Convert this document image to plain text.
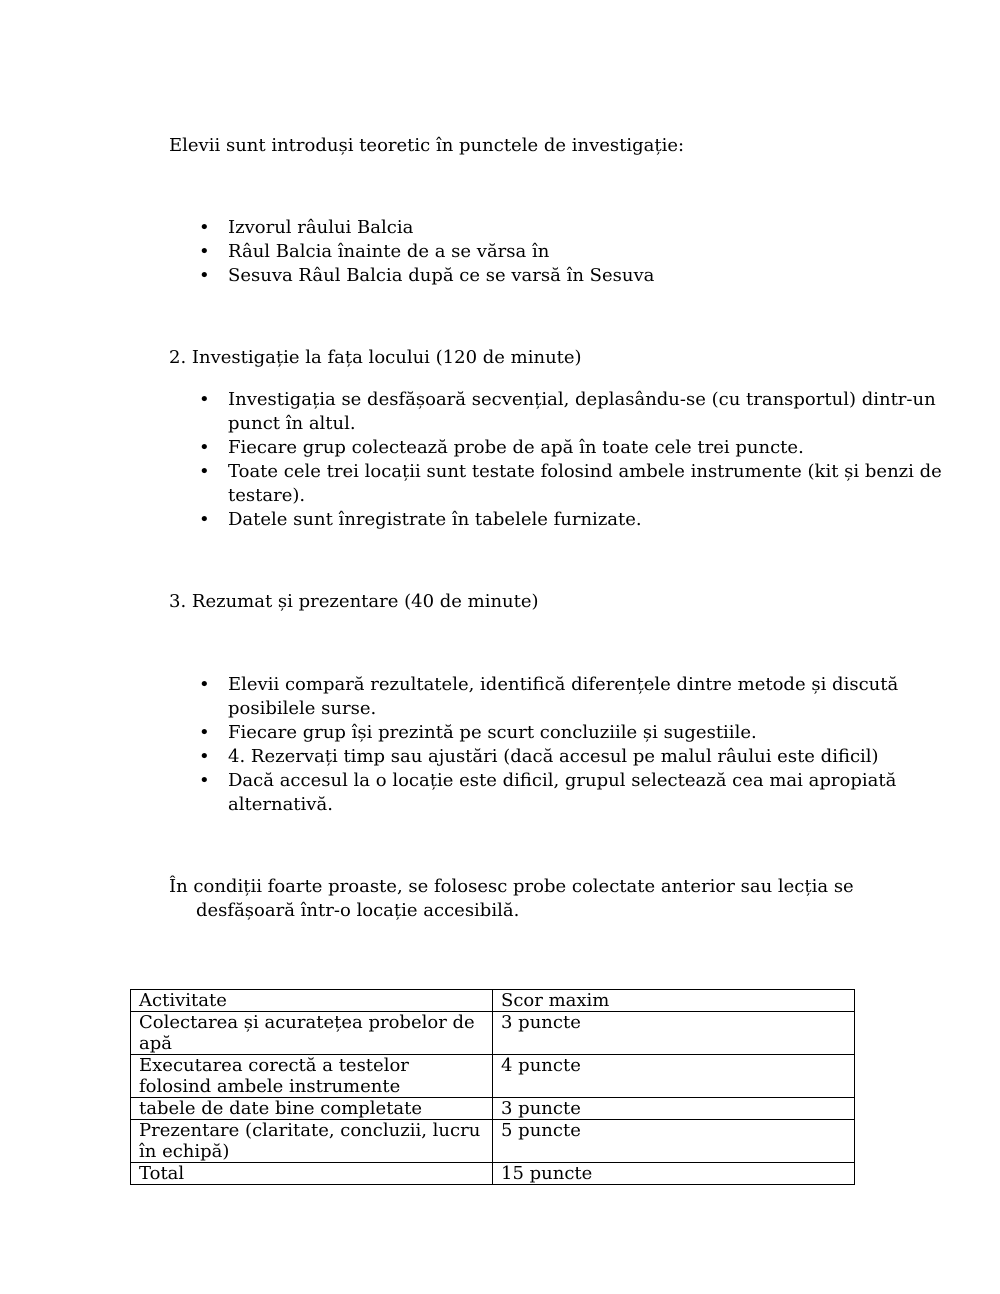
Elevii sunt introduși teoretic în punctele de investigație:

• Izvorul râului Balcia
• Râul Balcia înainte de a se vărsa în
• Sesuva Râul Balcia după ce se varsă în Sesuva

2. Investigație la fața locului (120 de minute)

• Investigația se desfășoară secvențial, deplasându-se (cu transportul) dintr-un punct în altul.
• Fiecare grup colectează probe de apă în toate cele trei puncte.
• Toate cele trei locații sunt testate folosind ambele instrumente (kit și benzi de testare).
• Datele sunt înregistrate în tabelele furnizate.

3. Rezumat și prezentare (40 de minute)

• Elevii compară rezultatele, identifică diferențele dintre metode și discută posibilele surse.
• Fiecare grup își prezintă pe scurt concluziile și sugestiile.
• 4. Rezervați timp sau ajustări (dacă accesul pe malul râului este dificil)
• Dacă accesul la o locație este dificil, grupul selectează cea mai apropiată alternativă.

În condiții foarte proaste, se folosesc probe colectate anterior sau lecția se desfășoară într-o locație accesibilă.

Activitate	Scor maxim
Colectarea și acuratețea probelor de apă	3 puncte
Executarea corectă a testelor folosind ambele instrumente	4 puncte
tabele de date bine completate	3 puncte
Prezentare (claritate, concluzii, lucru în echipă)	5 puncte
Total	15 puncte
